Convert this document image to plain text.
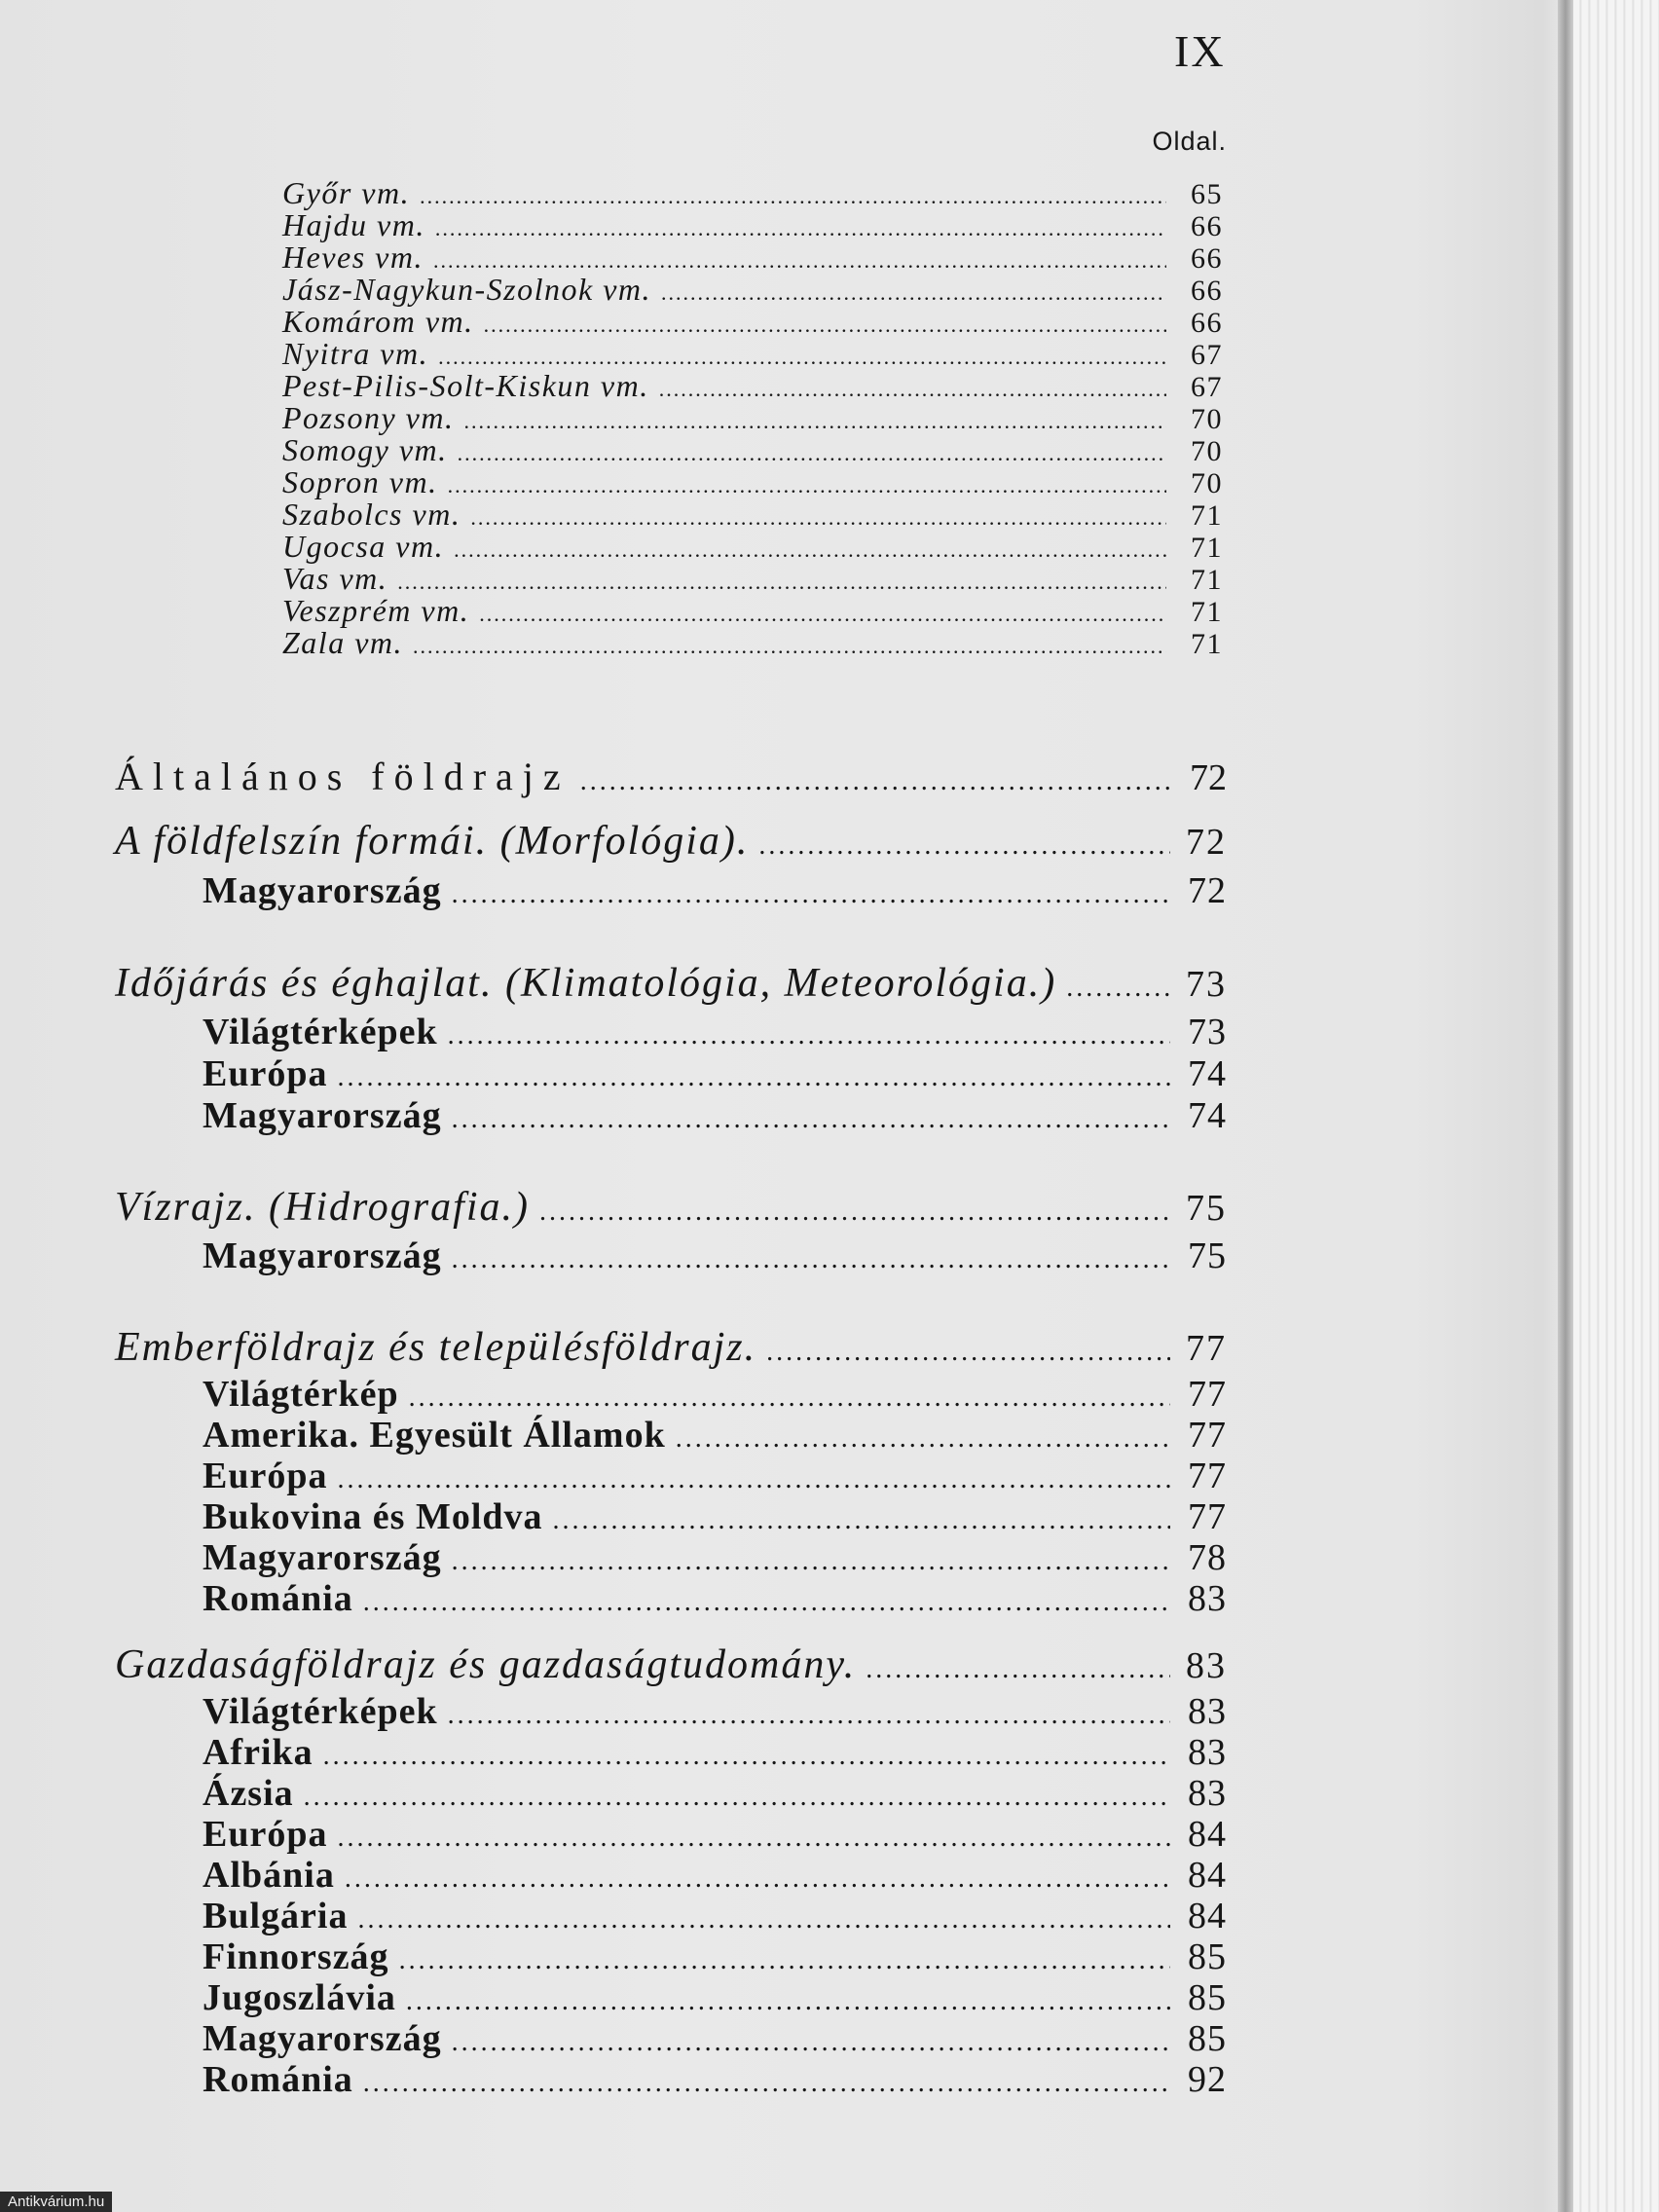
IX
Oldal.
Győr vm. .....	65
Hajdu vm. .....	66
Heves vm. .....	66
Jász-Nagykun-Szolnok vm. .....	66
Komárom vm. .....	66
Nyitra vm. .....	67
Pest-Pilis-Solt-Kiskun vm. .....	67
Pozsony vm. .....	70
Somogy vm. .....	70
Sopron vm. .....	70
Szabolcs vm. .....	71
Ugocsa vm. .....	71
Vas vm. .....	71
Veszprém vm. .....	71
Zala vm. .....	71
Általános földrajz .....	72
A földfelszín formái. (Morfológia). .....	72
Magyarország .....	72
Időjárás és éghajlat. (Klimatológia, Meteorológia.) .....	73
Világtérképek .....	73
Európa .....	74
Magyarország .....	74
Vízrajz. (Hidrografia.) .....	75
Magyarország .....	75
Emberföldrajz és településföldrajz. .....	77
Világtérkép .....	77
Amerika. Egyesült Államok .....	77
Európa .....	77
Bukovina és Moldva .....	77
Magyarország .....	78
Románia .....	83
Gazdaságföldrajz és gazdaságtudomány. .....	83
Világtérképek .....	83
Afrika .....	83
Ázsia .....	83
Európa .....	84
Albánia .....	84
Bulgária .....	84
Finnország .....	85
Jugoszlávia .....	85
Magyarország .....	85
Románia .....	92
Antikvárium.hu
